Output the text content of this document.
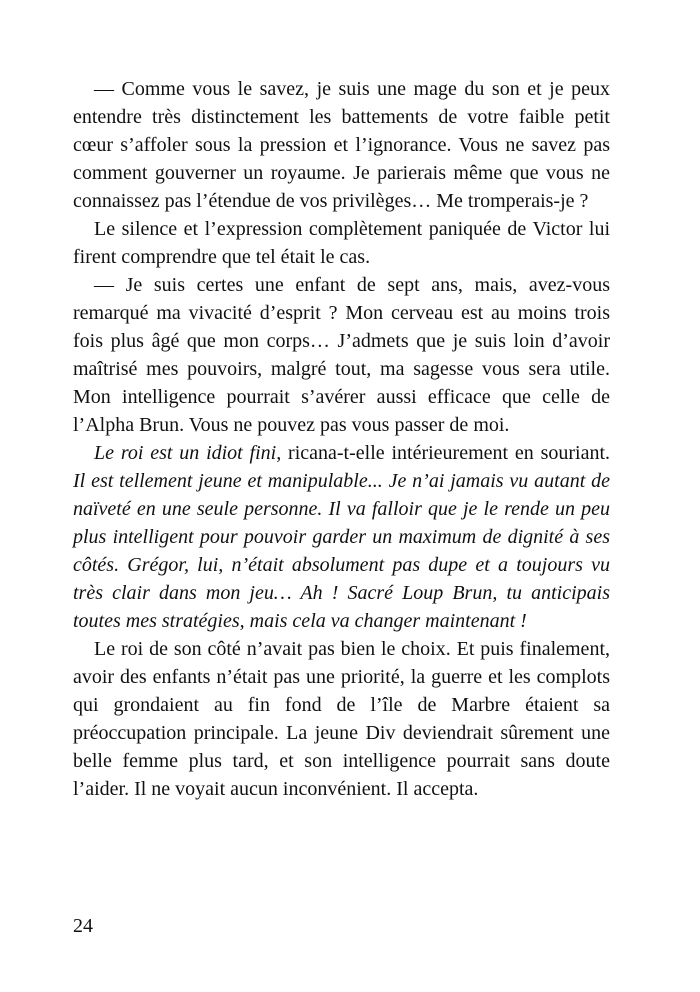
— Comme vous le savez, je suis une mage du son et je peux entendre très distinctement les battements de votre faible petit cœur s’affoler sous la pression et l’ignorance. Vous ne savez pas comment gouverner un royaume. Je parierais même que vous ne connaissez pas l’étendue de vos privilèges… Me tromperais-je ?

Le silence et l’expression complètement paniquée de Victor lui firent comprendre que tel était le cas.

— Je suis certes une enfant de sept ans, mais, avez-vous remarqué ma vivacité d’esprit ? Mon cerveau est au moins trois fois plus âgé que mon corps… J’admets que je suis loin d’avoir maîtrisé mes pouvoirs, malgré tout, ma sagesse vous sera utile. Mon intelligence pourrait s’avérer aussi efficace que celle de l’Alpha Brun. Vous ne pouvez pas vous passer de moi.

Le roi est un idiot fini, ricana-t-elle intérieurement en souriant. Il est tellement jeune et manipulable... Je n’ai jamais vu autant de naïveté en une seule personne. Il va falloir que je le rende un peu plus intelligent pour pouvoir garder un maximum de dignité à ses côtés. Grégor, lui, n’était absolument pas dupe et a toujours vu très clair dans mon jeu… Ah ! Sacré Loup Brun, tu anticipais toutes mes stratégies, mais cela va changer maintenant !

Le roi de son côté n’avait pas bien le choix. Et puis finalement, avoir des enfants n’était pas une priorité, la guerre et les complots qui grondaient au fin fond de l’île de Marbre étaient sa préoccupation principale. La jeune Div deviendrait sûrement une belle femme plus tard, et son intelligence pourrait sans doute l’aider. Il ne voyait aucun inconvénient. Il accepta.

24
